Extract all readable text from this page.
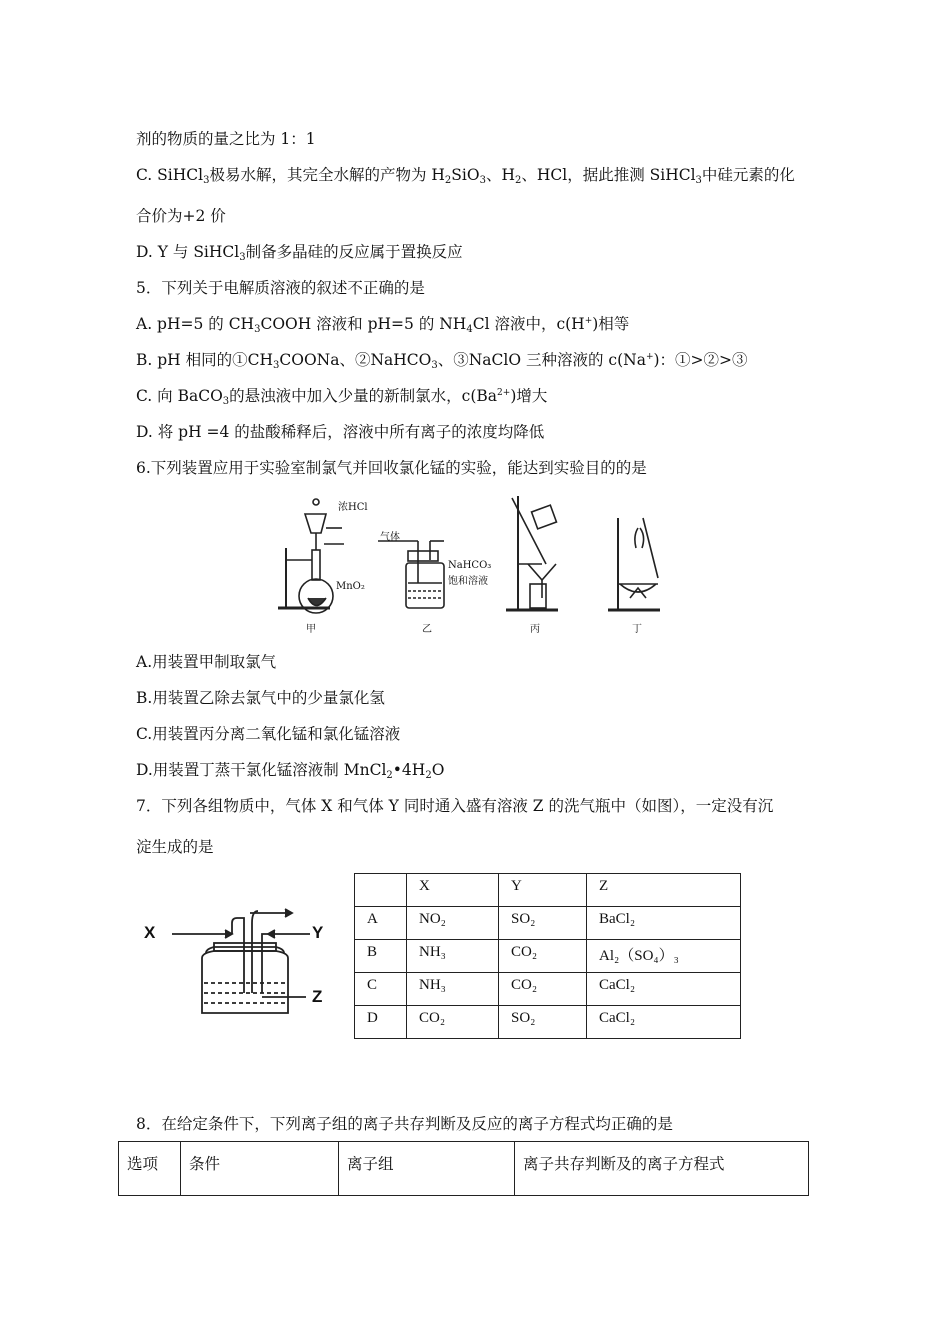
剂的物质的量之比为 1：1
C. SiHCl$_3$极易水解，其完全水解的产物为 $H_2SiO_3$、$H_2$、HCl，据此推测 SiHCl$_3$中硅元素的化
合价为+2 价
D. Y 与 SiHCl$_3$制备多晶硅的反应属于置换反应
5．下列关于电解质溶液的叙述不正确的是
A. pH=5 的 $CH_3COOH$ 溶液和 pH=5 的 $NH_4Cl$ 溶液中，c(H+)相等
B. pH 相同的$①CH_3COONa$、②NaHCO$_3$、③NaClO 三种溶液的 c(Na+)：①>②>③
C. 向 BaCO$_3$的悬浊液中加入少量的新制氯水，$c(Ba^{2+})$增大
D. 将 pH =4 的盐酸稀释后，溶液中所有离子的浓度均降低
6.下列装置应用于实验室制氯气并回收氯化锰的实验，能达到实验目的的是
浓HCl
MnO₂
气体
NaHCO₃
饱和溶液
甲	乙	丙	丁
A.用装置甲制取氯气
B.用装置乙除去氯气中的少量氯化氢
C.用装置丙分离二氧化锰和氯化锰溶液
D.用装置丁蒸干氯化锰溶液制 $MnCl_2•4H_2O$
7．下列各组物质中，气体 X 和气体 Y 同时通入盛有溶液 Z 的洗气瓶中（如图），一定没有沉
淀生成的是
X	Y
Z
	X	Y	Z
A	NO₂	SO₂	BaCl₂
B	NH₃	CO₂	Al₂（SO₄）₃
C	NH₃	CO₂	CaCl₂
D	CO₂	SO₂	CaCl₂
8．在给定条件下，下列离子组的离子共存判断及反应的离子方程式均正确的是
选项	条件	离子组	离子共存判断及的离子方程式
